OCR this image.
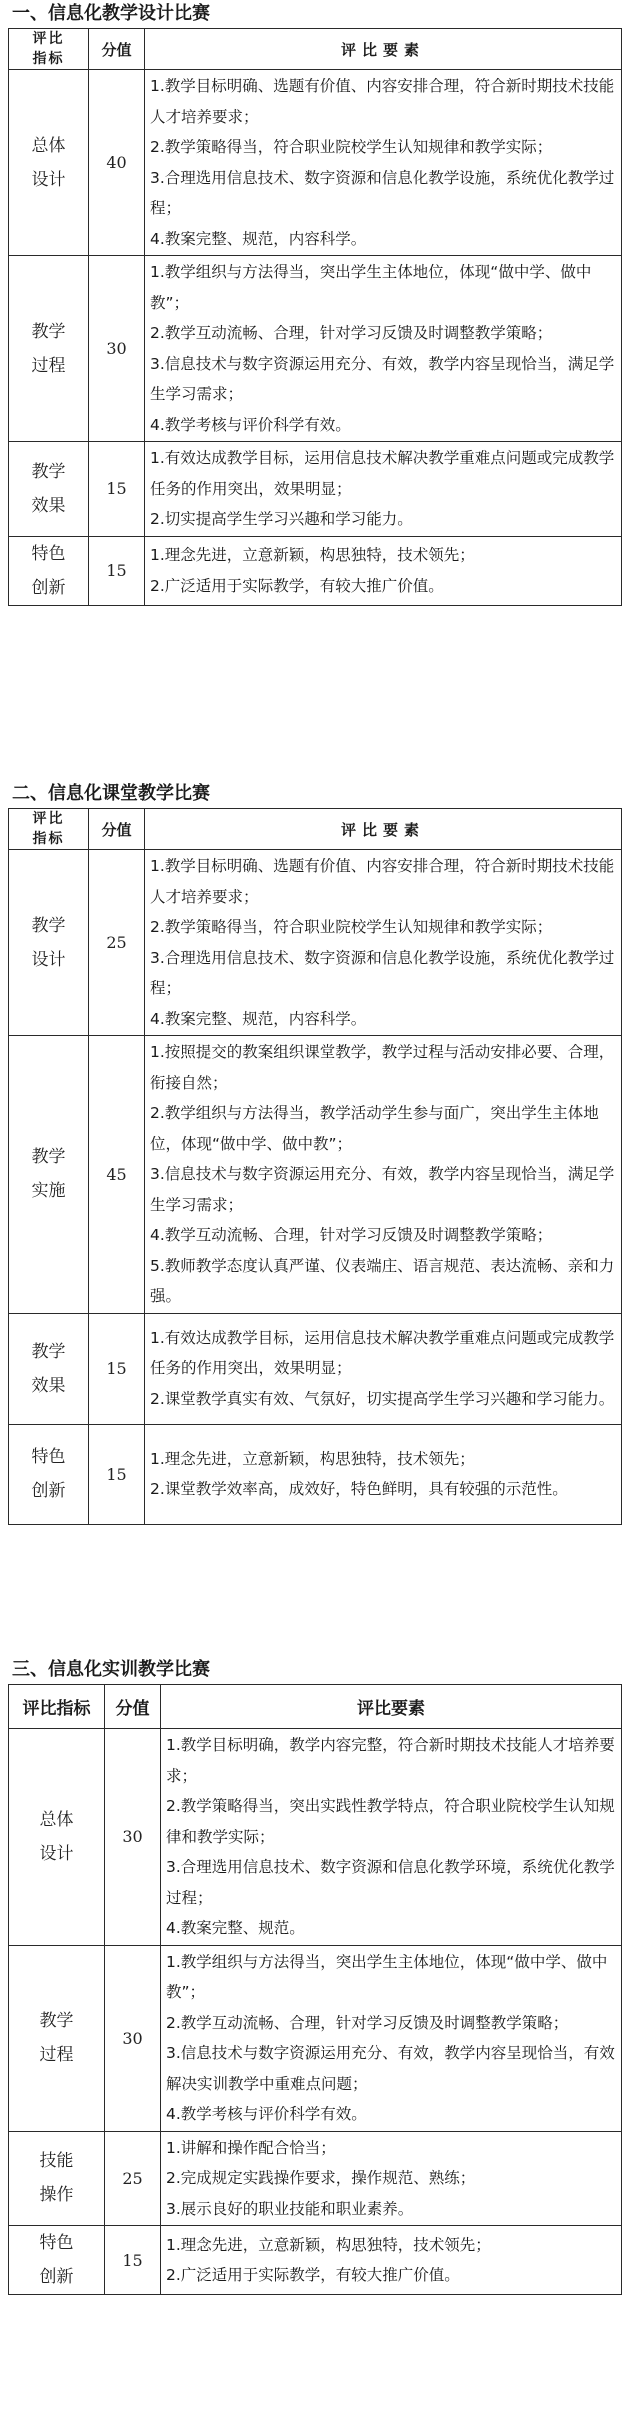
一、信息化教学设计比赛
评比指标	分值	评比要素
总体设计	40	1.教学目标明确、选题有价值、内容安排合理，符合新时期技术技能人才培养要求；
2.教学策略得当，符合职业院校学生认知规律和教学实际；
3.合理选用信息技术、数字资源和信息化教学设施，系统优化教学过程；
4.教案完整、规范，内容科学。

教学过程	30	1.教学组织与方法得当，突出学生主体地位，体现“做中学、做中教”；
2.教学互动流畅、合理，针对学习反馈及时调整教学策略；
3.信息技术与数字资源运用充分、有效，教学内容呈现恰当，满足学生学习需求；
4.教学考核与评价科学有效。

教学效果	15	1.有效达成教学目标，运用信息技术解决教学重难点问题或完成教学任务的作用突出，效果明显；
2.切实提高学生学习兴趣和学习能力。

特色创新	15	1.理念先进，立意新颖，构思独特，技术领先；
2.广泛适用于实际教学，有较大推广价值。
二、信息化课堂教学比赛
评比指标	分值	评比要素
教学设计	25	1.教学目标明确、选题有价值、内容安排合理，符合新时期技术技能人才培养要求；
2.教学策略得当，符合职业院校学生认知规律和教学实际；
3.合理选用信息技术、数字资源和信息化教学设施，系统优化教学过程；
4.教案完整、规范，内容科学。

教学实施	45	1.按照提交的教案组织课堂教学，教学过程与活动安排必要、合理，衔接自然；
2.教学组织与方法得当，教学活动学生参与面广，突出学生主体地位，体现“做中学、做中教”；
3.信息技术与数字资源运用充分、有效，教学内容呈现恰当，满足学生学习需求；
4.教学互动流畅、合理，针对学习反馈及时调整教学策略；
5.教师教学态度认真严谨、仪表端庄、语言规范、表达流畅、亲和力强。

教学效果	15	1.有效达成教学目标，运用信息技术解决教学重难点问题或完成教学任务的作用突出，效果明显；
2.课堂教学真实有效、气氛好，切实提高学生学习兴趣和学习能力。

特色创新	15	1.理念先进，立意新颖，构思独特，技术领先；
2.课堂教学效率高，成效好，特色鲜明，具有较强的示范性。
三、信息化实训教学比赛
评比指标	分值	评比要素
总体设计	30	1.教学目标明确，教学内容完整，符合新时期技术技能人才培养要求；
2.教学策略得当，突出实践性教学特点，符合职业院校学生认知规律和教学实际；
3.合理选用信息技术、数字资源和信息化教学环境，系统优化教学过程；
4.教案完整、规范。

教学过程	30	1.教学组织与方法得当，突出学生主体地位，体现“做中学、做中教”；
2.教学互动流畅、合理，针对学习反馈及时调整教学策略；
3.信息技术与数字资源运用充分、有效，教学内容呈现恰当，有效解决实训教学中重难点问题；
4.教学考核与评价科学有效。

技能操作	25	1.讲解和操作配合恰当；
2.完成规定实践操作要求，操作规范、熟练；
3.展示良好的职业技能和职业素养。

特色创新	15	1.理念先进，立意新颖，构思独特，技术领先；
2.广泛适用于实际教学，有较大推广价值。
